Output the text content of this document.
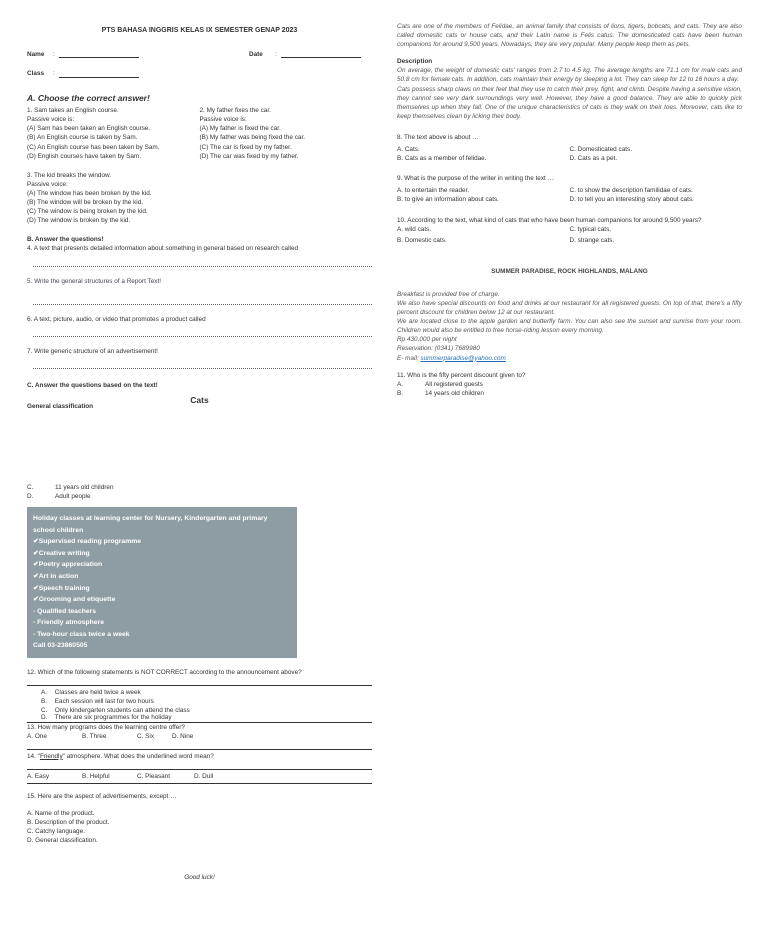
PTS BAHASA INGGRIS KELAS IX SEMESTER GENAP 2023
Name	:	Date	:
Class	:
A. Choose the correct answer!
1. Sam takes an English course.
Passive voice is:
(A) Sam has been taken an English course.
(B) An English course is taken by Sam.
(C) An English course has been taken by Sam.
(D) English courses have taken by Sam.
2. My father fixes the car.
Passive voice is:
(A) My father is fixed the car.
(B) My father was being fixed the car.
(C) The car is fixed by my father.
(D) The car was fixed by my father.
3. The kid breaks the window.
Passive voice:
(A) The window has been broken by the kid.
(B) The window will be broken by the kid.
(C) The window is being broken by the kid.
(D) The window is broken by the kid.
B. Answer the questions!
4. A text that presents detailed information about something in general based on research called
5. Write the general structures of a Report Text!
6. A text, picture, audio, or video that promotes a product called
7. Write generic structure of an advertisement!
C. Answer the questions based on the text!
Cats
General classification
C.	11 years old children
D.	Adult people
Holiday classes at learning center for Nursery, Kindergarten and primary
school children
✔Supervised reading programme
✔Creative writing
✔Poetry appreciation
✔Art in action
✔Speech training
✔Grooming and etiquette
- Qualified teachers
- Friendly atmosphere
- Two-hour class twice a week
Call 03-23860505
12. Which of the following statements is NOT CORRECT according to the announcement above?
A. Classes are held twice a week
B. Each session will last for two hours
C. Only kindergarten students can attend the class
D. There are six programmes for the holiday
13. How many programs does the learning centre offer?
A. One	B. Three	C. Six	D. Nine
14. "Friendly" atmosphere. What does the underlined word mean?
A. Easy	B. Helpful	C. Pleasant	D. Dull
15. Here are the aspect of advertisements, except …
A. Name of the product.
B. Description of the product.
C. Catchy language.
D. General classification.
Good luck!
Cats are one of the members of Felidae, an animal family that consists of lions, tigers, bobcats, and cats. They are also called domestic cats or house cats, and their Latin name is Felis catus. The domesticated cats have been human companions for around 9,500 years. Nowadays, they are very popular. Many people keep them as pets.
Description
On average, the weight of domestic cats' ranges from 2.7 to 4.5 kg. The average lengths are 71.1 cm for male cats and 50.8 cm for female cats. In addition, cats maintain their energy by sleeping a lot. They can sleep for 12 to 16 hours a day.
Cats possess sharp claws on their feet that they use to catch their prey, fight, and climb. Despite having a sensitive vision, they cannot see very dark surroundings very well. However, they have a good balance. They are able to quickly pick themselves up when they fall. One of the unique characteristics of cats is they walk on their toes. Moreover, cats like to keep themselves clean by licking their body.
8. The text above is about …
A. Cats.	C. Domesticated cats.
B. Cats as a member of felidae.	D. Cats as a pet.
9. What is the purpose of the writer in writing the text …
A. to entertain the reader.	C. to show the description familidae of cats.
B. to give an information about cats.	D. to tell you an interesting story about cats.
10. According to the text, what kind of cats that who have been human companions for around 9,500 years?
A. wild cats.	C. typical cats.
B. Domestic cats.	D. strange cats.
SUMMER PARADISE, ROCK HIGHLANDS, MALANG
Breakfast is provided free of charge.
We also have special discounts on food and drinks at our restaurant for all registered guests. On top of that, there's a fifty percent discount for children below 12 at our restaurant.
We are located close to the apple garden and butterfly farm. You can also see the sunset and sunrise from your room. Children would also be entitled to free horse-riding lesson every morning.
Rp 430,000 per night
Reservation: (0341) 7689980
E- mail: summerparadise@yahoo.com
11. Who is the fifty percent discount given to?
A.	All registered guests
B.	14 years old children
